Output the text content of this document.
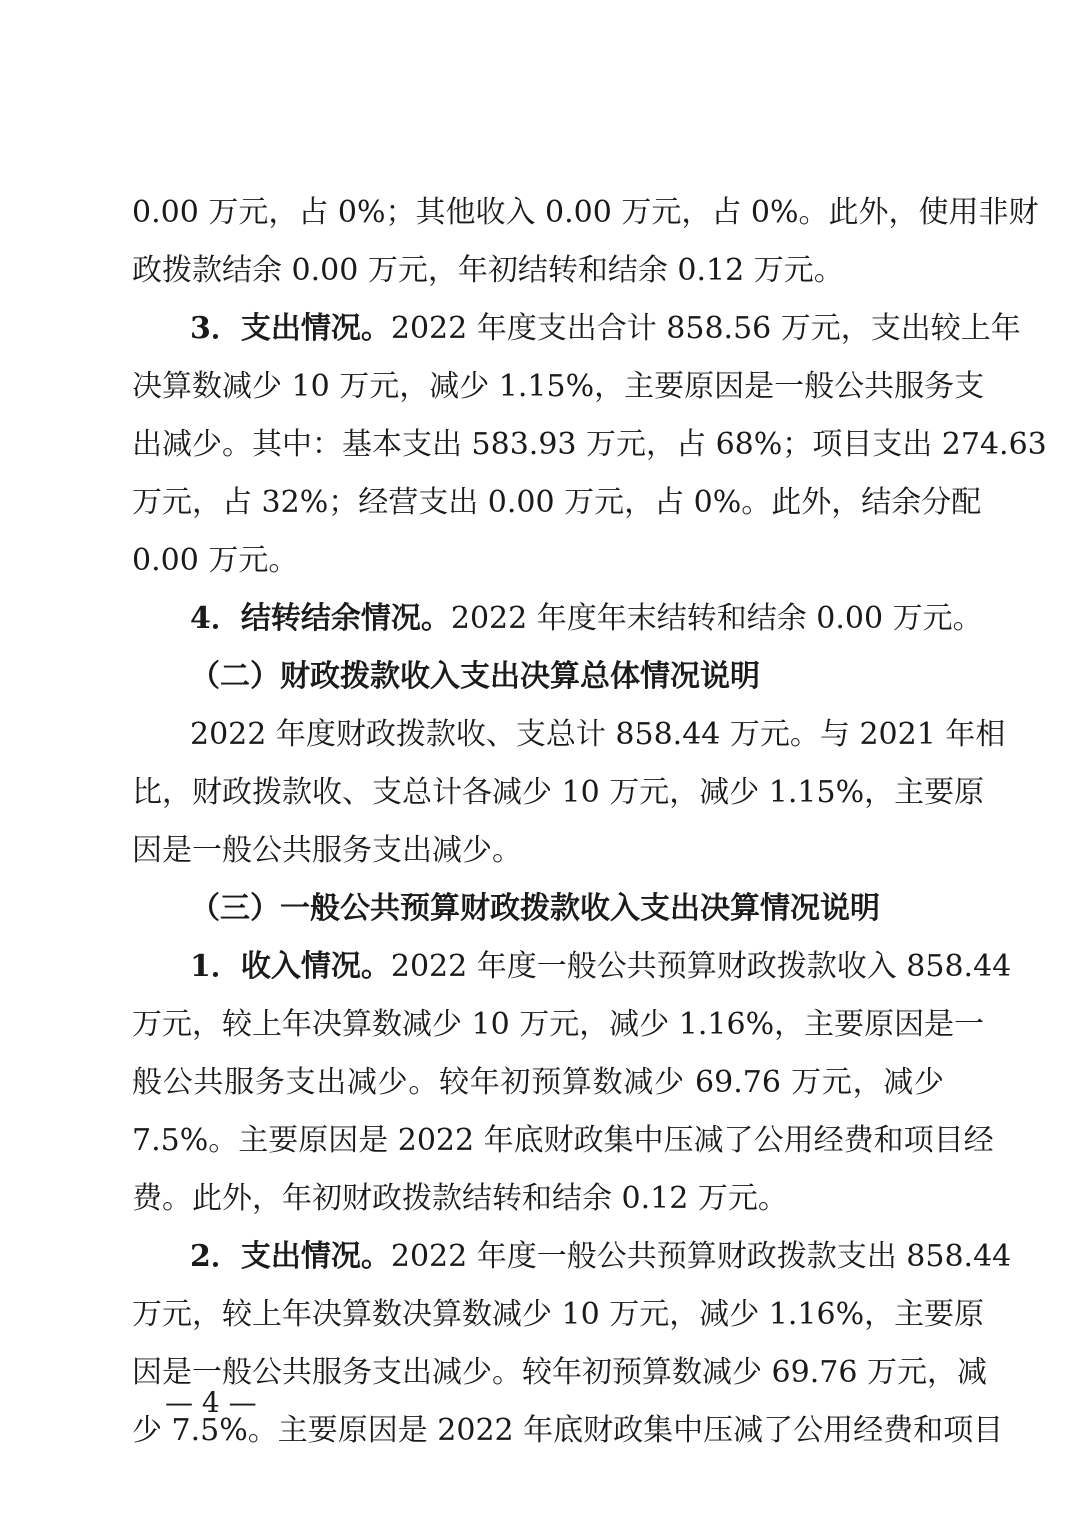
0.00 万元，占 0%；其他收入 0.00 万元，占 0%。此外，使用非财
政拨款结余 0.00 万元，年初结转和结余 0.12 万元。
3．支出情况。2022 年度支出合计 858.56 万元，支出较上年
决算数减少 10 万元，减少 1.15%，主要原因是一般公共服务支
出减少。其中：基本支出 583.93 万元，占 68%；项目支出 274.63
万元，占 32%；经营支出 0.00 万元，占 0%。此外，结余分配
0.00 万元。
4．结转结余情况。2022 年度年末结转和结余 0.00 万元。
（二）财政拨款收入支出决算总体情况说明
2022 年度财政拨款收、支总计 858.44 万元。与 2021 年相
比，财政拨款收、支总计各减少 10 万元，减少 1.15%，主要原
因是一般公共服务支出减少。
（三）一般公共预算财政拨款收入支出决算情况说明
1．收入情况。2022 年度一般公共预算财政拨款收入 858.44
万元，较上年决算数减少 10 万元，减少 1.16%，主要原因是一
般公共服务支出减少。较年初预算数减少 69.76 万元，减少
7.5%。主要原因是 2022 年底财政集中压减了公用经费和项目经
费。此外，年初财政拨款结转和结余 0.12 万元。
2．支出情况。2022 年度一般公共预算财政拨款支出 858.44
万元，较上年决算数决算数减少 10 万元，减少 1.16%，主要原
因是一般公共服务支出减少。较年初预算数减少 69.76 万元，减
少 7.5%。主要原因是 2022 年底财政集中压减了公用经费和项目
— 4 —
